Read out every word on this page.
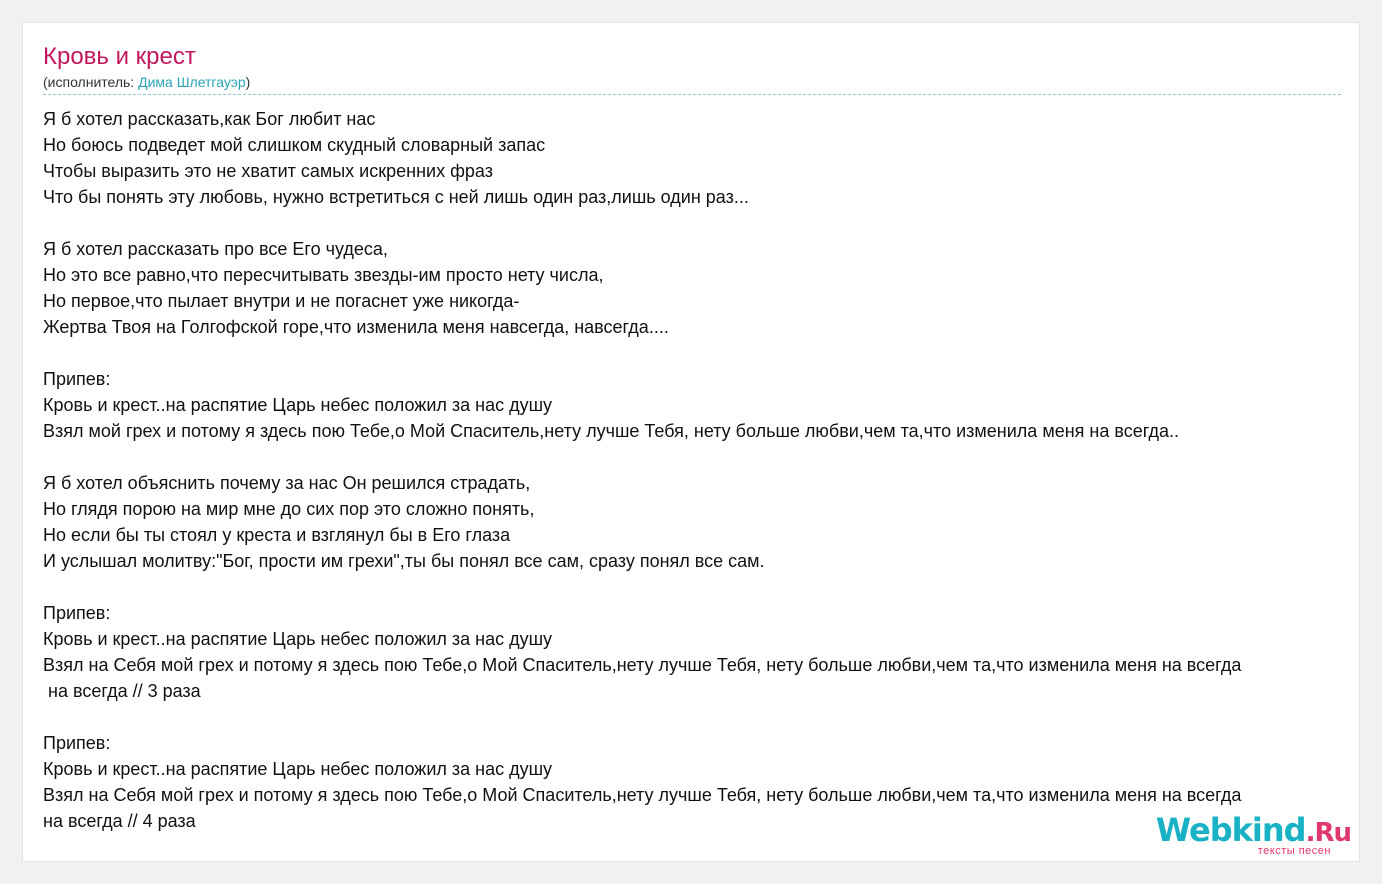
Кровь и крест
(исполнитель: Дима Шлетгауэр)
Я б хотел рассказать,как Бог любит нас
Но боюсь подведет мой слишком скудный словарный запас
Чтобы выразить это не хватит самых искренних фраз
Что бы понять эту любовь, нужно встретиться с ней лишь один раз,лишь один раз...
Я б хотел рассказать про все Его чудеса,
Но это все равно,что пересчитывать звезды-им просто нету числа,
Но первое,что пылает внутри и не погаснет уже никогда-
Жертва Твоя на Голгофской горе,что изменила меня навсегда, навсегда....
Припев:
Кровь и крест..на распятие Царь небес положил за нас душу
Взял мой грех и потому я здесь пою Тебе,о Мой Спаситель,нету лучше Тебя, нету больше любви,чем та,что изменила меня на всегда..
Я б хотел объяснить почему за нас Он решился страдать,
Но глядя порою на мир мне до сих пор это сложно понять,
Но если бы ты стоял у креста и взглянул бы в Его глаза
И услышал молитву:"Бог, прости им грехи",ты бы понял все сам, сразу понял все сам.
Припев:
Кровь и крест..на распятие Царь небес положил за нас душу
Взял на Себя мой грех и потому я здесь пою Тебе,о Мой Спаситель,нету лучше Тебя, нету больше любви,чем та,что изменила меня на всегда
на всегда // 3 раза
Припев:
Кровь и крест..на распятие Царь небес положил за нас душу
Взял на Себя мой грех и потому я здесь пою Тебе,о Мой Спаситель,нету лучше Тебя, нету больше любви,чем та,что изменила меня на всегда
на всегда // 4 раза	Webkind.Ru
тексты песен
